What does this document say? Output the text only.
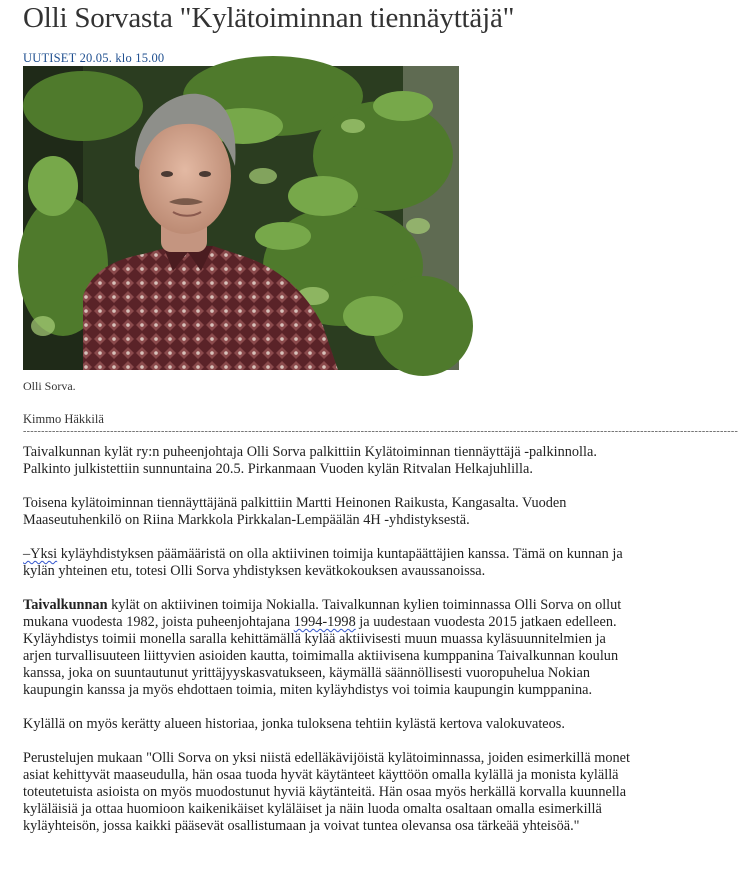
Olli Sorvasta "Kylätoiminnan tiennäyttäjä"
UUTISET 20.05. klo 15.00
Olli Sorva.
Kimmo Häkkilä
-----------------------------------------------------------------------------------------------------------------------------------------------------------------------------------------------------

Taivalkunnan kylät ry:n puheenjohtaja Olli Sorva palkittiin Kylätoiminnan tiennäyttäjä -palkinnolla. Palkinto julkistettiin sunnuntaina 20.5. Pirkanmaan Vuoden kylän Ritvalan Helkajuhlilla.

Toisena kylätoiminnan tiennäyttäjänä palkittiin Martti Heinonen Raikusta, Kangasalta. Vuoden Maaseutuhenkilö on Riina Markkola Pirkkalan-Lempäälän 4H -yhdistyksestä.

–Yksi kyläyhdistyksen päämääristä on olla aktiivinen toimija kuntapäättäjien kanssa. Tämä on kunnan ja kylän yhteinen etu, totesi Olli Sorva yhdistyksen kevätkokouksen avaussanoissa.

Taivalkunnan kylät on aktiivinen toimija Nokialla. Taivalkunnan kylien toiminnassa Olli Sorva on ollut mukana vuodesta 1982, joista puheenjohtajana 1994-1998 ja uudestaan vuodesta 2015 jatkaen edelleen.

Kyläyhdistys toimii monella saralla kehittämällä kylää aktiivisesti muun muassa kyläsuunnitelmien ja arjen turvallisuuteen liittyvien asioiden kautta, toimimalla aktiivisena kumppanina Taivalkunnan koulun kanssa, joka on suuntautunut yrittäjyyskasvatukseen, käymällä säännöllisesti vuoropuhelua Nokian kaupungin kanssa ja myös ehdottaen toimia, miten kyläyhdistys voi toimia kaupungin kumppanina.

Kylällä on myös kerätty alueen historiaa, jonka tuloksena tehtiin kylästä kertova valokuvateos.

Perustelujen mukaan "Olli Sorva on yksi niistä edelläkävijöistä kylätoiminnassa, joiden esimerkillä monet asiat kehittyvät maaseudulla, hän osaa tuoda hyvät käytänteet käyttöön omalla kylällä ja monista kylällä toteutetuista asioista on myös muodostunut hyviä käytänteitä. Hän osaa myös herkällä korvalla kuunnella kyläläisiä ja ottaa huomioon kaikenikäiset kyläläiset ja näin luoda omalta osaltaan omalla esimerkillä kyläyhteisön, jossa kaikki pääsevät osallistumaan ja voivat tuntea olevansa osa tärkeää yhteisöä."
